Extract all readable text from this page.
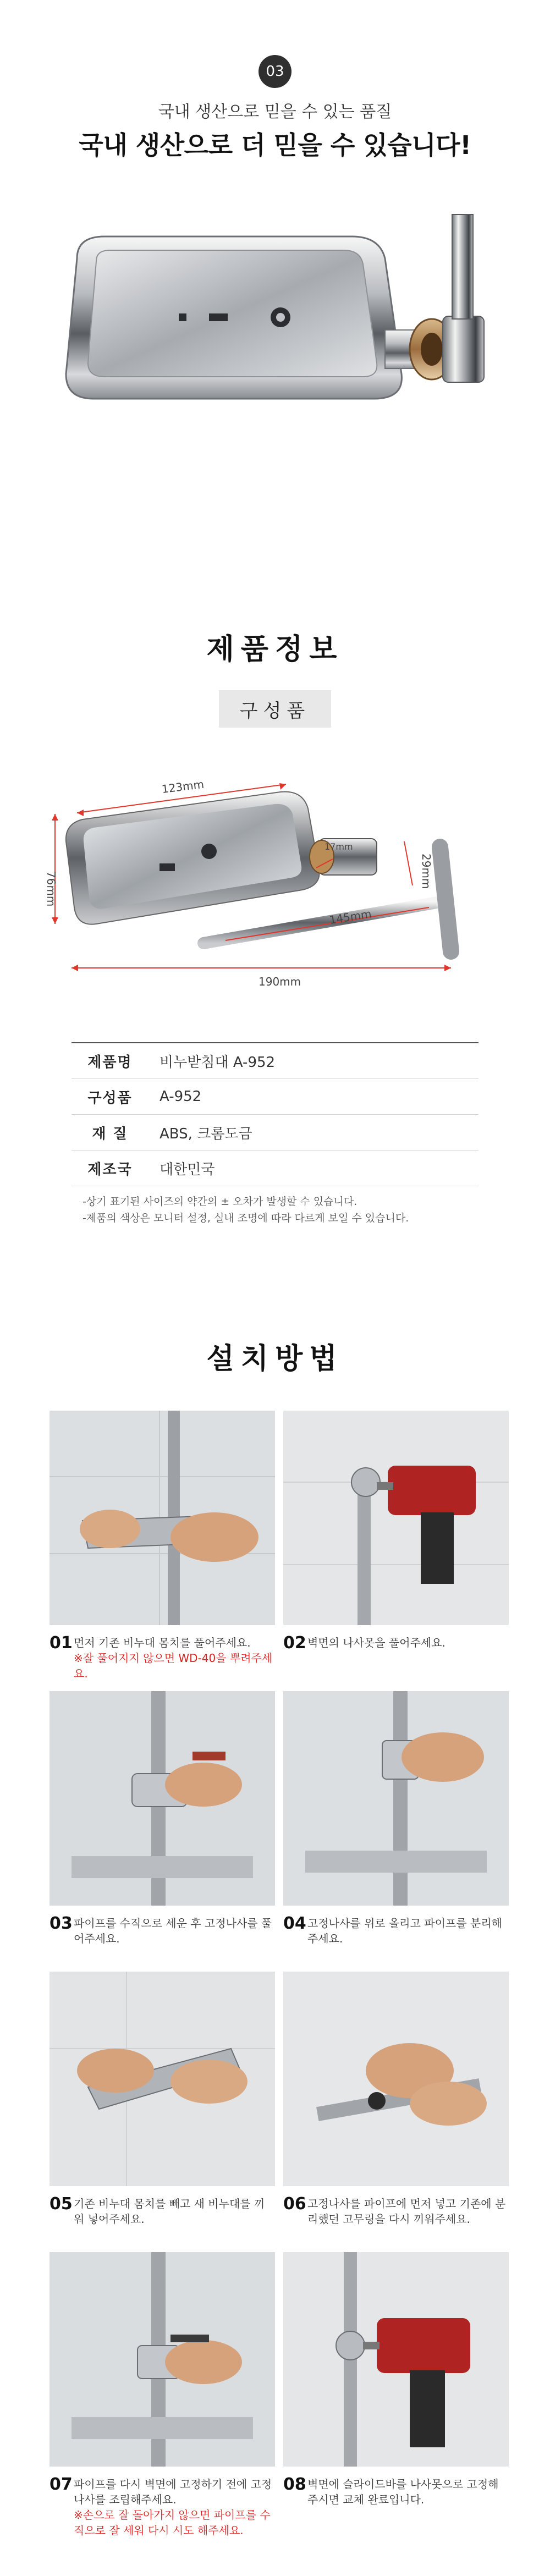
03
국내 생산으로 믿을 수 있는 품질
국내 생산으로 더 믿을 수 있습니다!
제품정보
구성품
123mm
76mm	29mm
17mm
145mm
190mm
제품명	비누받침대 A-952
구성품	A-952
재 질	ABS, 크롬도금
제조국	대한민국
-상기 표기된 사이즈의 약간의 ± 오차가 발생할 수 있습니다.
-제품의 색상은 모니터 설정, 실내 조명에 따라 다르게 보일 수 있습니다.
설치방법
01 먼저 기존 비누대 몸치를 풀어주세요.
※잘 풀어지지 않으면 WD-40을 뿌려주세요.
02 벽면의 나사못을 풀어주세요.
03 파이프를 수직으로 세운 후 고정나사를 풀어주세요.
04 고정나사를 위로 올리고 파이프를 분리해주세요.
05 기존 비누대 몸치를 빼고 새 비누대를 끼워 넣어주세요.
06 고정나사를 파이프에 먼저 넣고 기존에 분리했던 고무링을 다시 끼워주세요.
07 파이프를 다시 벽면에 고정하기 전에 고정나사를 조립해주세요.
※손으로 잘 돌아가지 않으면 파이프를 수직으로 잘 세워 다시 시도 해주세요.
08 벽면에 슬라이드바를 나사못으로 고정해 주시면 교체 완료입니다.
